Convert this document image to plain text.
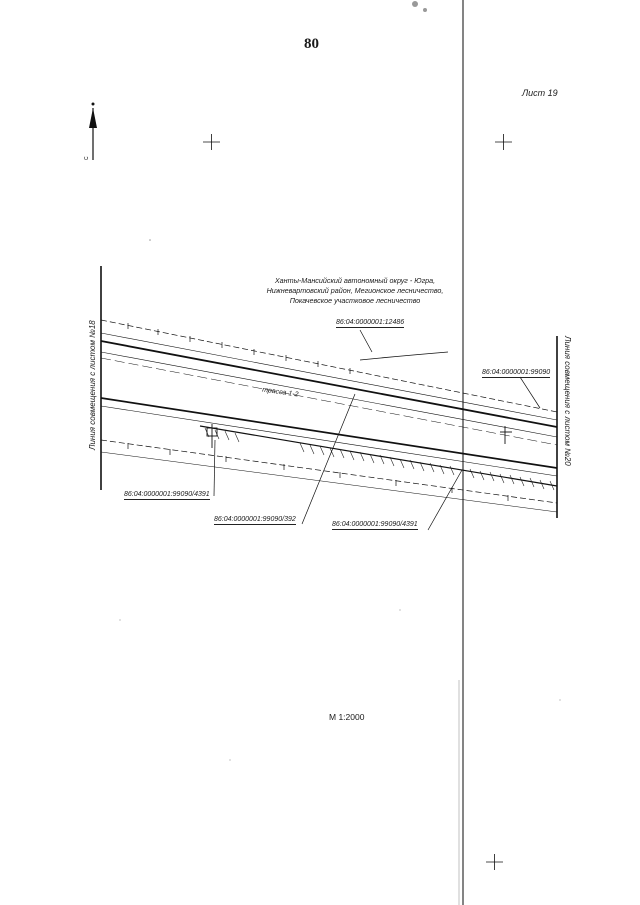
С
80
Лист 19
Ханты-Мансийский автономный округ - Югра,
Нижневартовский район, Мегионское лесничество,
Покачевское участковое лесничество
трасса 1-2
86:04:0000001:12486
86:04:0000001:99090
86:04:0000001:99090/4391
86:04:0000001:99090/392
86:04:0000001:99090/4391
Линия совмещения с листом №18	Линия совмещения с листом №20
М 1:2000
